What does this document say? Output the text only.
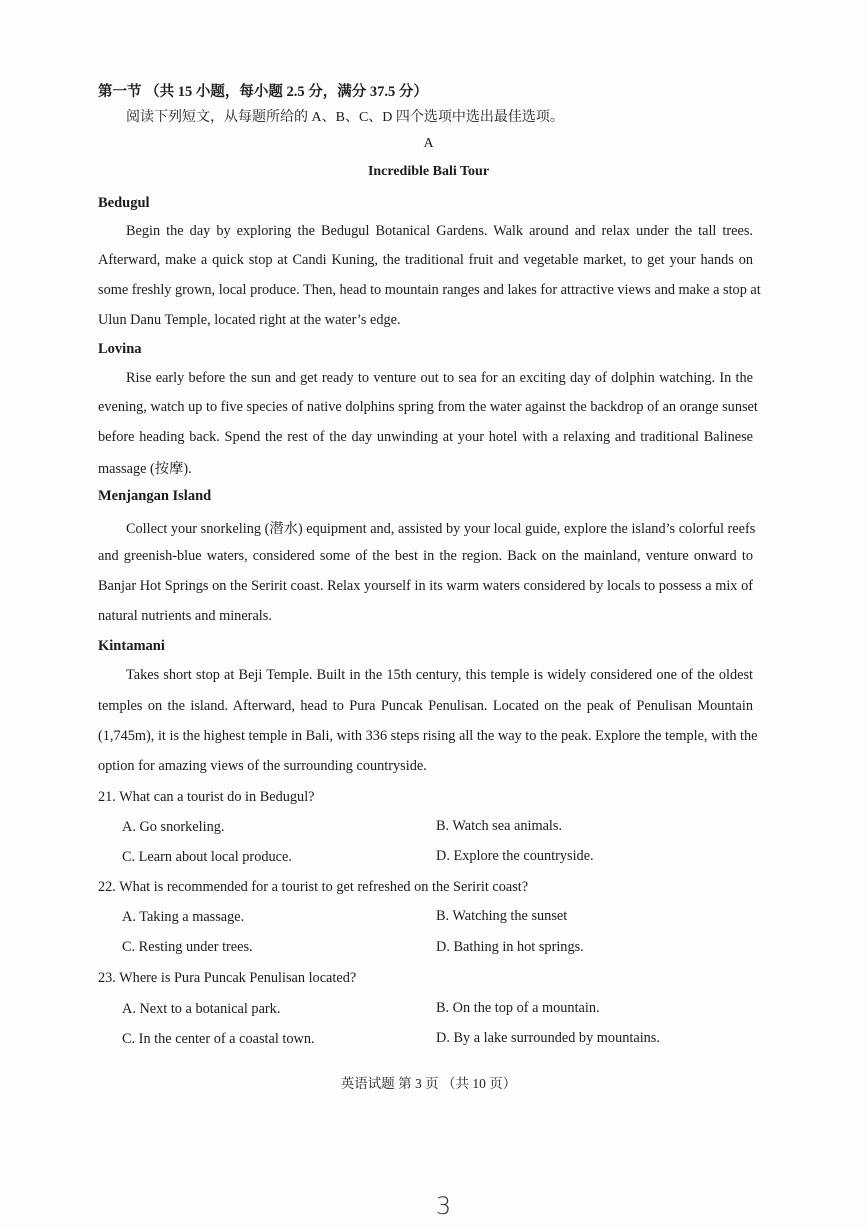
第一节 （共 15 小题，每小题 2.5 分，满分 37.5 分）
阅读下列短文，从每题所给的 A、B、C、D 四个选项中选出最佳选项。
A
Incredible Bali Tour
Bedugul
Begin the day by exploring the Bedugul Botanical Gardens. Walk around and relax under the tall trees.
Afterward, make a quick stop at Candi Kuning, the traditional fruit and vegetable market, to get your hands on
some freshly grown, local produce. Then, head to mountain ranges and lakes for attractive views and make a stop at
Ulun Danu Temple, located right at the water’s edge.
Lovina
Rise early before the sun and get ready to venture out to sea for an exciting day of dolphin watching. In the
evening, watch up to five species of native dolphins spring from the water against the backdrop of an orange sunset
before heading back. Spend the rest of the day unwinding at your hotel with a relaxing and traditional Balinese
massage (按摩).
Menjangan Island
Collect your snorkeling (潜水) equipment and, assisted by your local guide, explore the island’s colorful reefs
and greenish-blue waters, considered some of the best in the region. Back on the mainland, venture onward to
Banjar Hot Springs on the Seririt coast. Relax yourself in its warm waters considered by locals to possess a mix of
natural nutrients and minerals.
Kintamani
Takes short stop at Beji Temple. Built in the 15th century, this temple is widely considered one of the oldest
temples on the island. Afterward, head to Pura Puncak Penulisan. Located on the peak of Penulisan Mountain
(1,745m), it is the highest temple in Bali, with 336 steps rising all the way to the peak. Explore the temple, with the
option for amazing views of the surrounding countryside.
21. What can a tourist do in Bedugul?
A. Go snorkeling.	B. Watch sea animals.
C. Learn about local produce.	D. Explore the countryside.
22. What is recommended for a tourist to get refreshed on the Seririt coast?
A. Taking a massage.	B. Watching the sunset
C. Resting under trees.	D. Bathing in hot springs.
23. Where is Pura Puncak Penulisan located?
A. Next to a botanical park.	B. On the top of a mountain.
C. In the center of a coastal town.	D. By a lake surrounded by mountains.
英语试题 第 3 页 （共 10 页）
3
